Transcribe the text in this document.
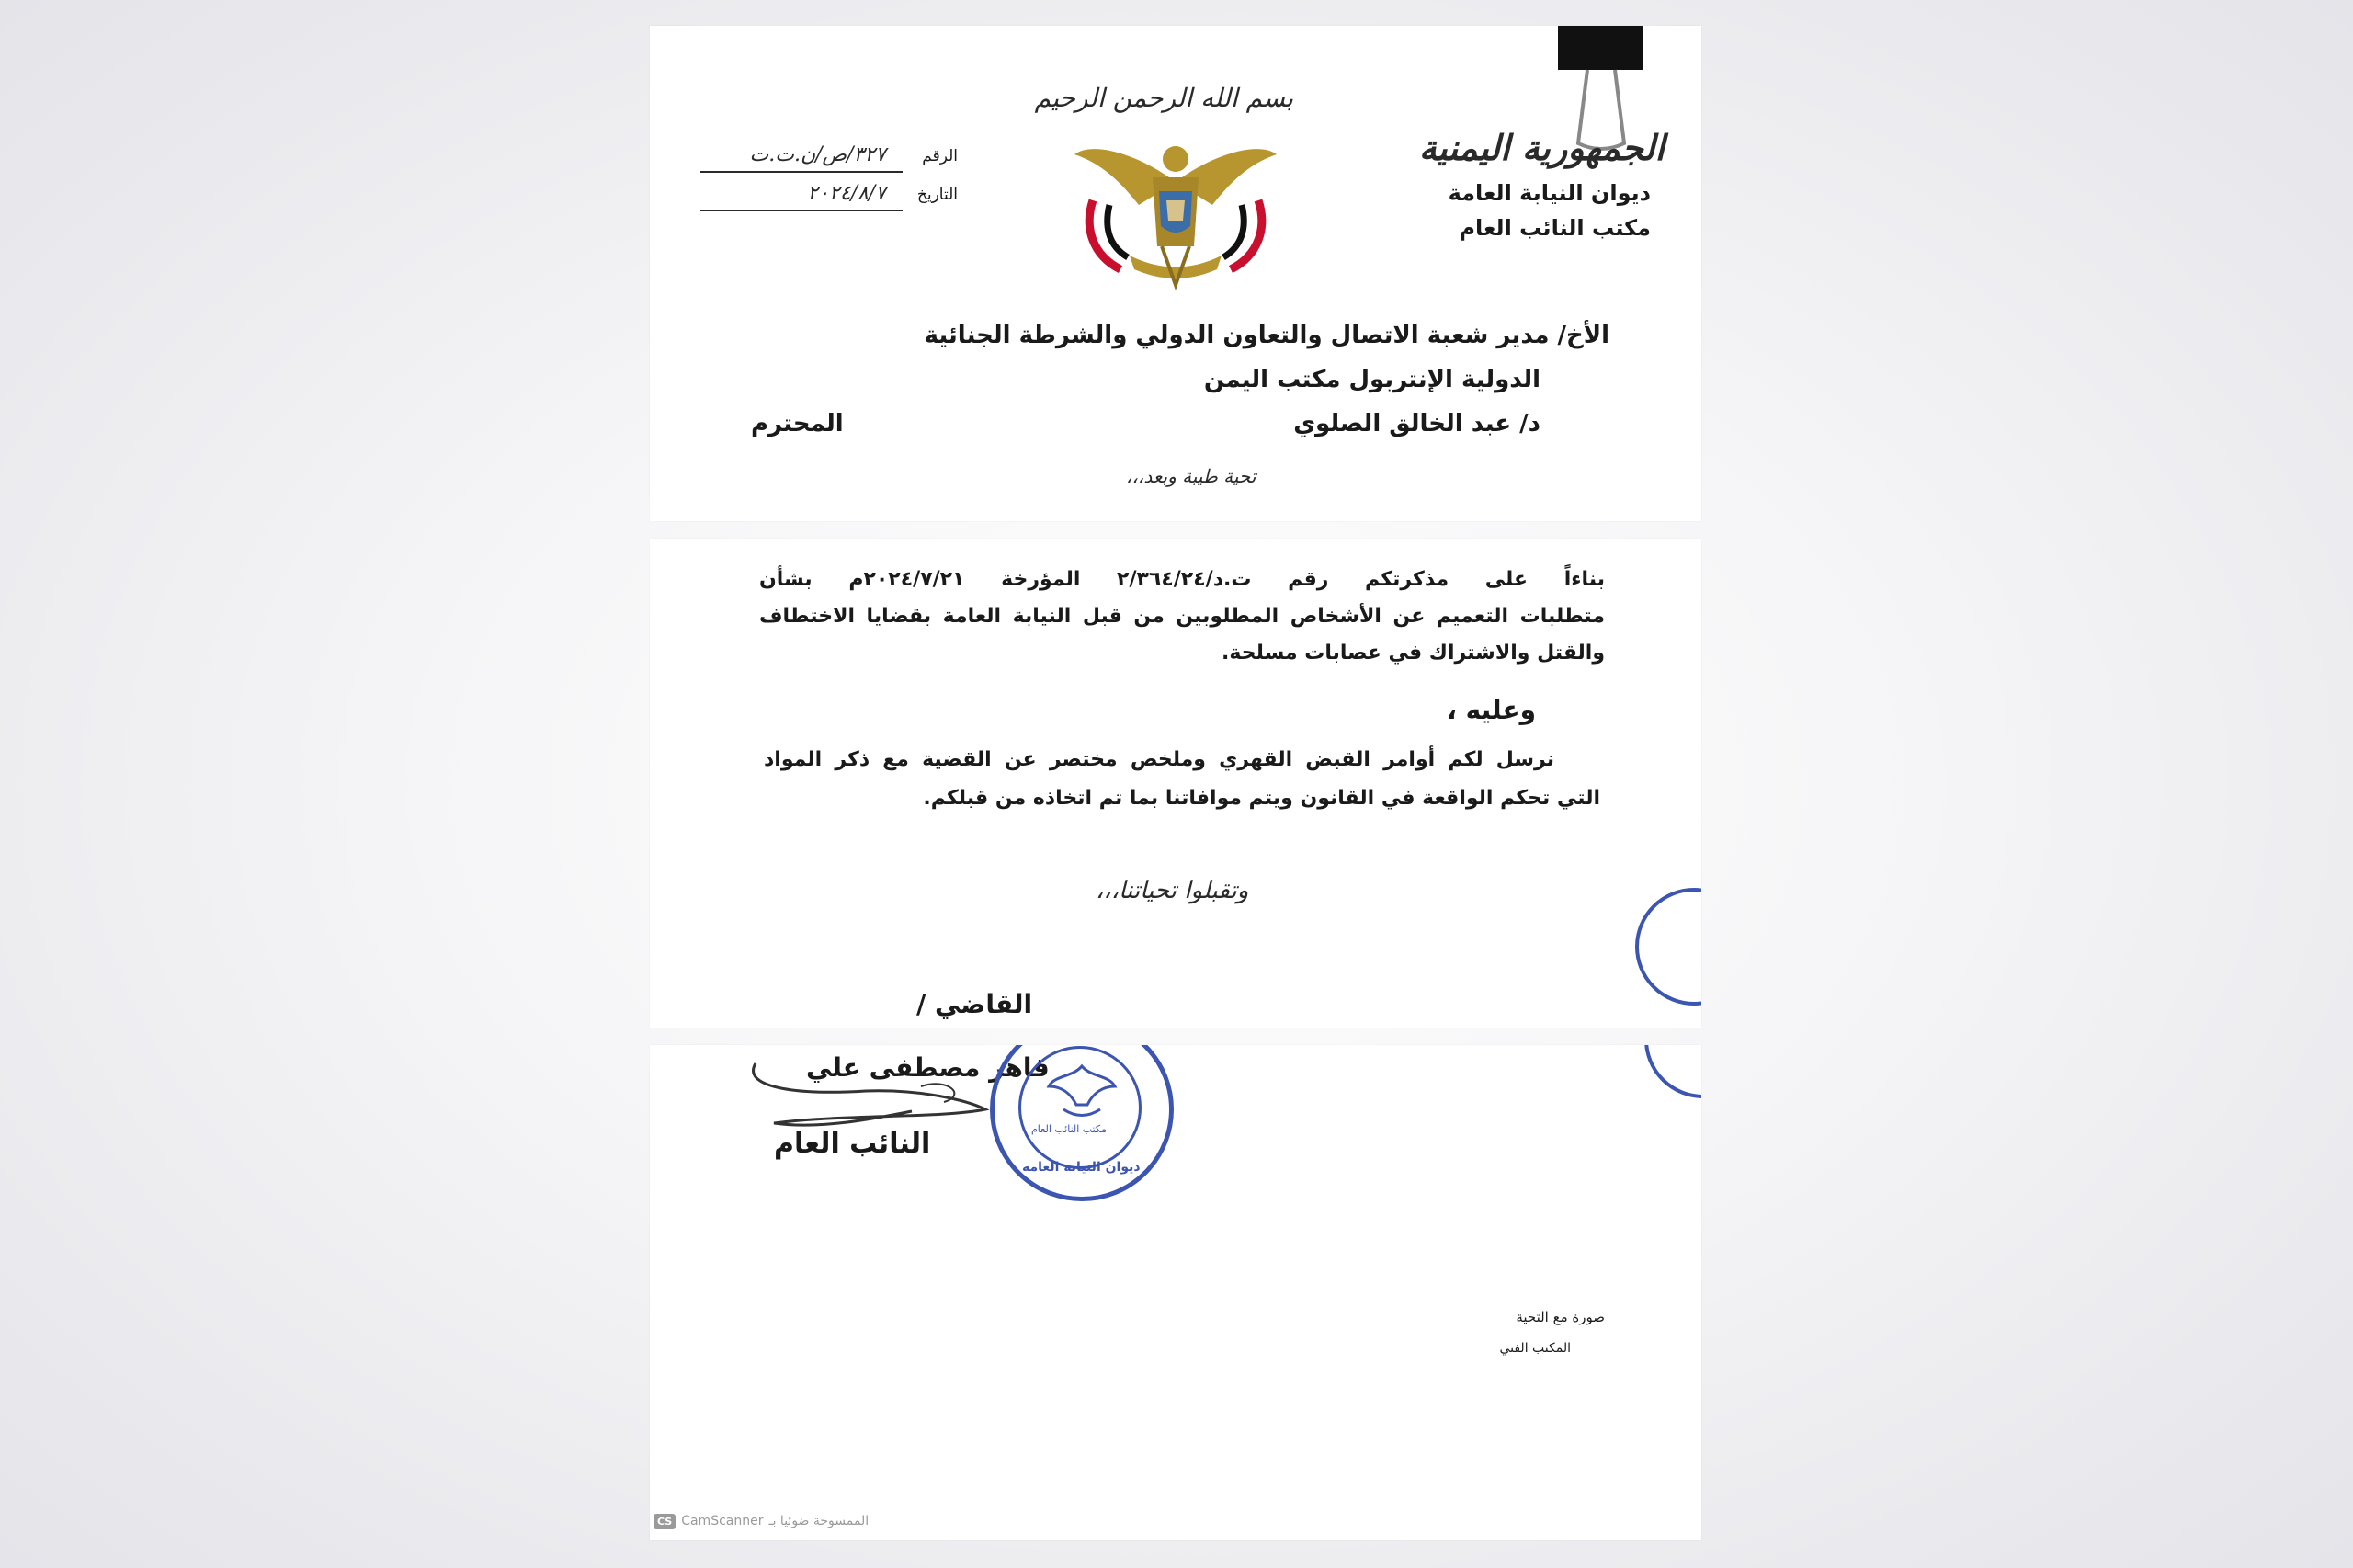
بسم الله الرحمن الرحيم
الجمهورية اليمنية
ديوان النيابة العامة
مكتب النائب العام
الرقم
٣٢٧/ص/ن.ت.ت
التاريخ
٢٠٢٤/٨/٧
الأخ/ مدير شعبة الاتصال والتعاون الدولي والشرطة الجنائية
الدولية الإنتربول مكتب اليمن
د/ عبد الخالق الصلوي
المحترم
تحية طيبة وبعد،،،
بناءاً على مذكرتكم رقم ت.د/٢/٣٦٤/٢٤ المؤرخة ٢٠٢٤/٧/٢١م بشأن
متطلبات التعميم عن الأشخاص المطلوبين من قبل النيابة العامة بقضايا الاختطاف
والقتل والاشتراك في عصابات مسلحة.
وعليه ،
نرسل لكم أوامر القبض القهري وملخص مختصر عن القضية مع ذكر المواد
التي تحكم الواقعة في القانون ويتم موافاتنا بما تم اتخاذه من قبلكم.
وتقبلوا تحياتنا،،،
القاضي /
قاهر مصطفى علي
النائب العام
ديوان النيابة العامة
مكتب النائب العام
صورة مع التحية
المكتب الفني
CS CamScanner الممسوحة ضوئيا بـ
